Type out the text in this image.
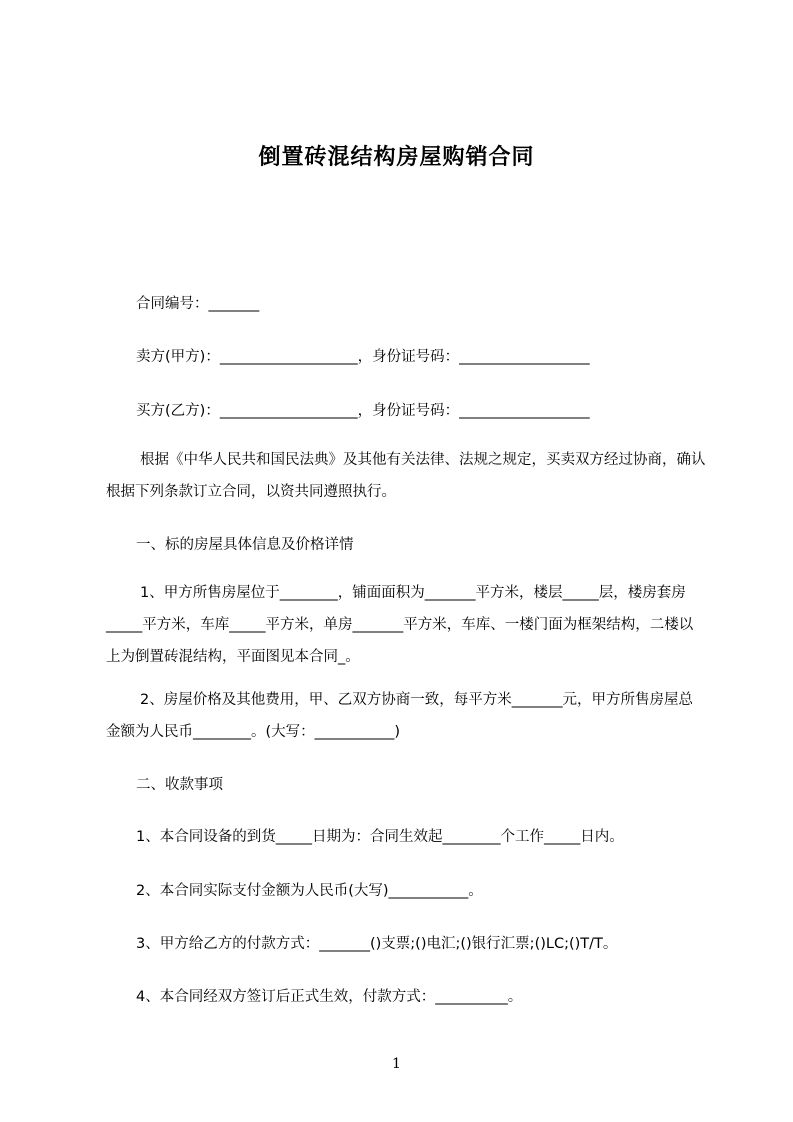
倒置砖混结构房屋购销合同
合同编号：_______
卖方(甲方)：___________________，身份证号码：__________________
买方(乙方)：___________________，身份证号码：__________________
根据《中华人民共和国民法典》及其他有关法律、法规之规定，买卖双方经过协商，确认根据下列条款订立合同，以资共同遵照执行。
一、标的房屋具体信息及价格详情
1、甲方所售房屋位于________，铺面面积为_______平方米，楼层_____层，楼房套房_____平方米，车库_____平方米，单房_______平方米，车库、一楼门面为框架结构，二楼以上为倒置砖混结构，平面图见本合同_。
2、房屋价格及其他费用，甲、乙双方协商一致，每平方米_______元，甲方所售房屋总金额为人民币________。(大写：___________)
二、收款事项
1、本合同设备的到货_____日期为：合同生效起________个工作_____日内。
2、本合同实际支付金额为人民币(大写)___________。
3、甲方给乙方的付款方式：_______()支票;()电汇;()银行汇票;()LC;()T/T。
4、本合同经双方签订后正式生效，付款方式：__________。
1
